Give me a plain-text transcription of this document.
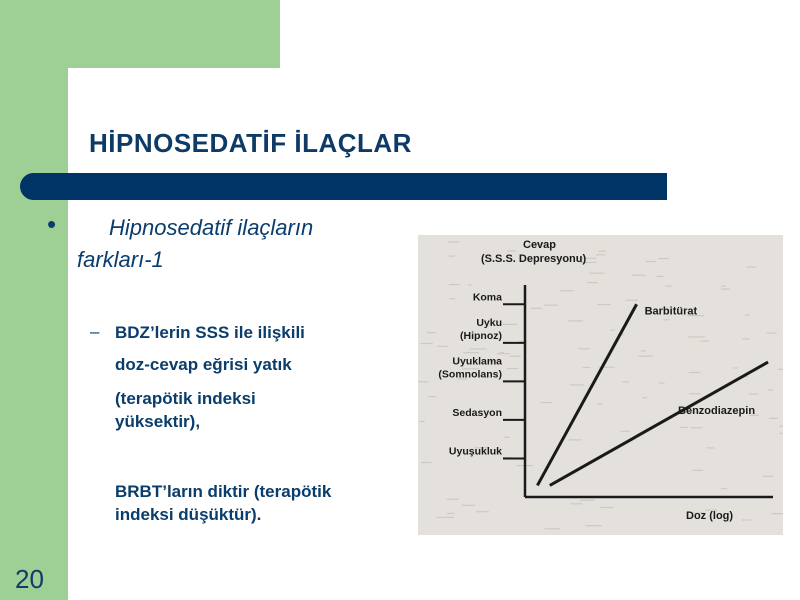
HİPNOSEDATİF İLAÇLAR
•	Hipnosedatif ilaçların
farkları-1
– BDZ’lerin SSS ile ilişkili
doz-cevap eğrisi yatık
(terapötik indeksi
yüksektir),
BRBT’ların diktir (terapötik
indeksi düşüktür).
20
Cevap
(S.S.S. Depresyonu)
Doz (log)
Uyuşukluk
Sedasyon
Uyuklama
(Somnolans)
Uyku
(Hipnoz)
Koma
Barbitürat
Benzodiazepin
